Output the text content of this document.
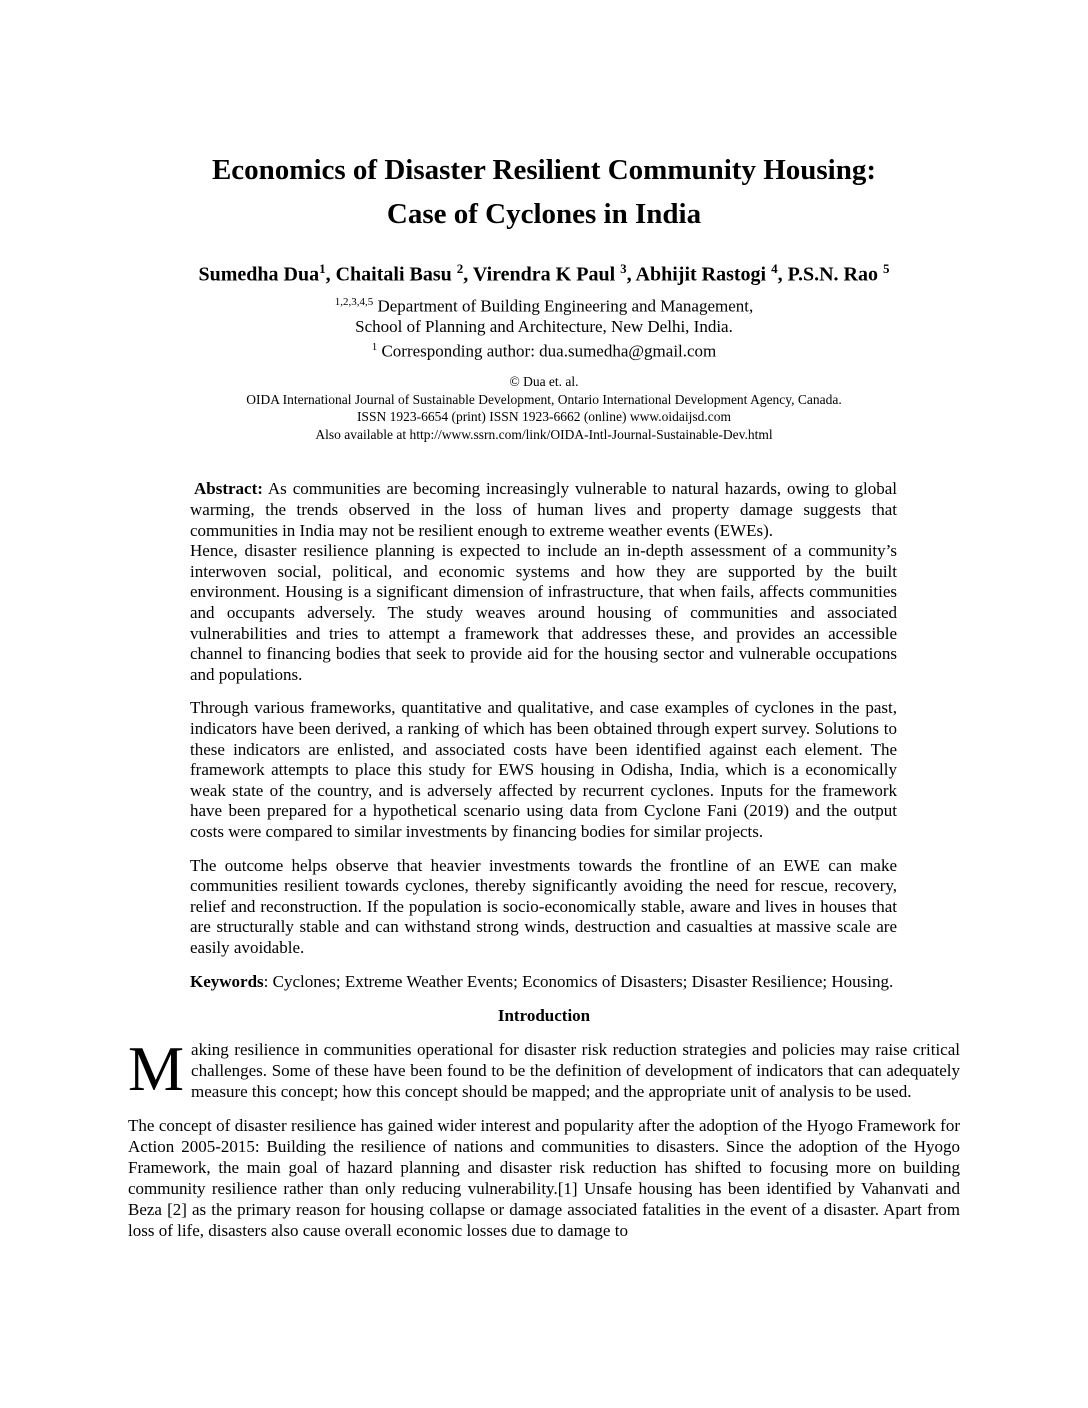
Economics of Disaster Resilient Community Housing:
Case of Cyclones in India

Sumedha Dua$^1$, Chaitali Basu $^2$, Virendra K Paul $^3$, Abhijit Rastogi $^4$, P.S.N. Rao $^5$

$^{1,2,3,4,5}$ Department of Building Engineering and Management,
School of Planning and Architecture, New Delhi, India.
$^1$ Corresponding author: dua.sumedha@gmail.com
© Dua et. al.
OIDA International Journal of Sustainable Development, Ontario International Development Agency, Canada.
ISSN 1923-6654 (print) ISSN 1923-6662 (online) www.oidaijsd.com
Also available at http://www.ssrn.com/link/OIDA-Intl-Journal-Sustainable-Dev.html

Abstract: As communities are becoming increasingly vulnerable to natural hazards, owing to global warming, the trends observed in the loss of human lives and property damage suggests that communities in India may not be resilient enough to extreme weather events (EWEs).

Hence, disaster resilience planning is expected to include an in-depth assessment of a community’s interwoven social, political, and economic systems and how they are supported by the built environment. Housing is a significant dimension of infrastructure, that when fails, affects communities and occupants adversely. The study weaves around housing of communities and associated vulnerabilities and tries to attempt a framework that addresses these, and provides an accessible channel to financing bodies that seek to provide aid for the housing sector and vulnerable occupations and populations.

Through various frameworks, quantitative and qualitative, and case examples of cyclones in the past, indicators have been derived, a ranking of which has been obtained through expert survey. Solutions to these indicators are enlisted, and associated costs have been identified against each element. The framework attempts to place this study for EWS housing in Odisha, India, which is a economically weak state of the country, and is adversely affected by recurrent cyclones. Inputs for the framework have been prepared for a hypothetical scenario using data from Cyclone Fani (2019) and the output costs were compared to similar investments by financing bodies for similar projects.

The outcome helps observe that heavier investments towards the frontline of an EWE can make communities resilient towards cyclones, thereby significantly avoiding the need for rescue, recovery, relief and reconstruction. If the population is socio-economically stable, aware and lives in houses that are structurally stable and can withstand strong winds, destruction and casualties at massive scale are easily avoidable.

Keywords: Cyclones; Extreme Weather Events; Economics of Disasters; Disaster Resilience; Housing.

Introduction

Making resilience in communities operational for disaster risk reduction strategies and policies may raise critical challenges. Some of these have been found to be the definition of development of indicators that can adequately measure this concept; how this concept should be mapped; and the appropriate unit of analysis to be used.

The concept of disaster resilience has gained wider interest and popularity after the adoption of the Hyogo Framework for Action 2005-2015: Building the resilience of nations and communities to disasters. Since the adoption of the Hyogo Framework, the main goal of hazard planning and disaster risk reduction has shifted to focusing more on building community resilience rather than only reducing vulnerability.[1] Unsafe housing has been identified by Vahanvati and Beza [2] as the primary reason for housing collapse or damage associated fatalities in the event of a disaster. Apart from loss of life, disasters also cause overall economic losses due to damage to
